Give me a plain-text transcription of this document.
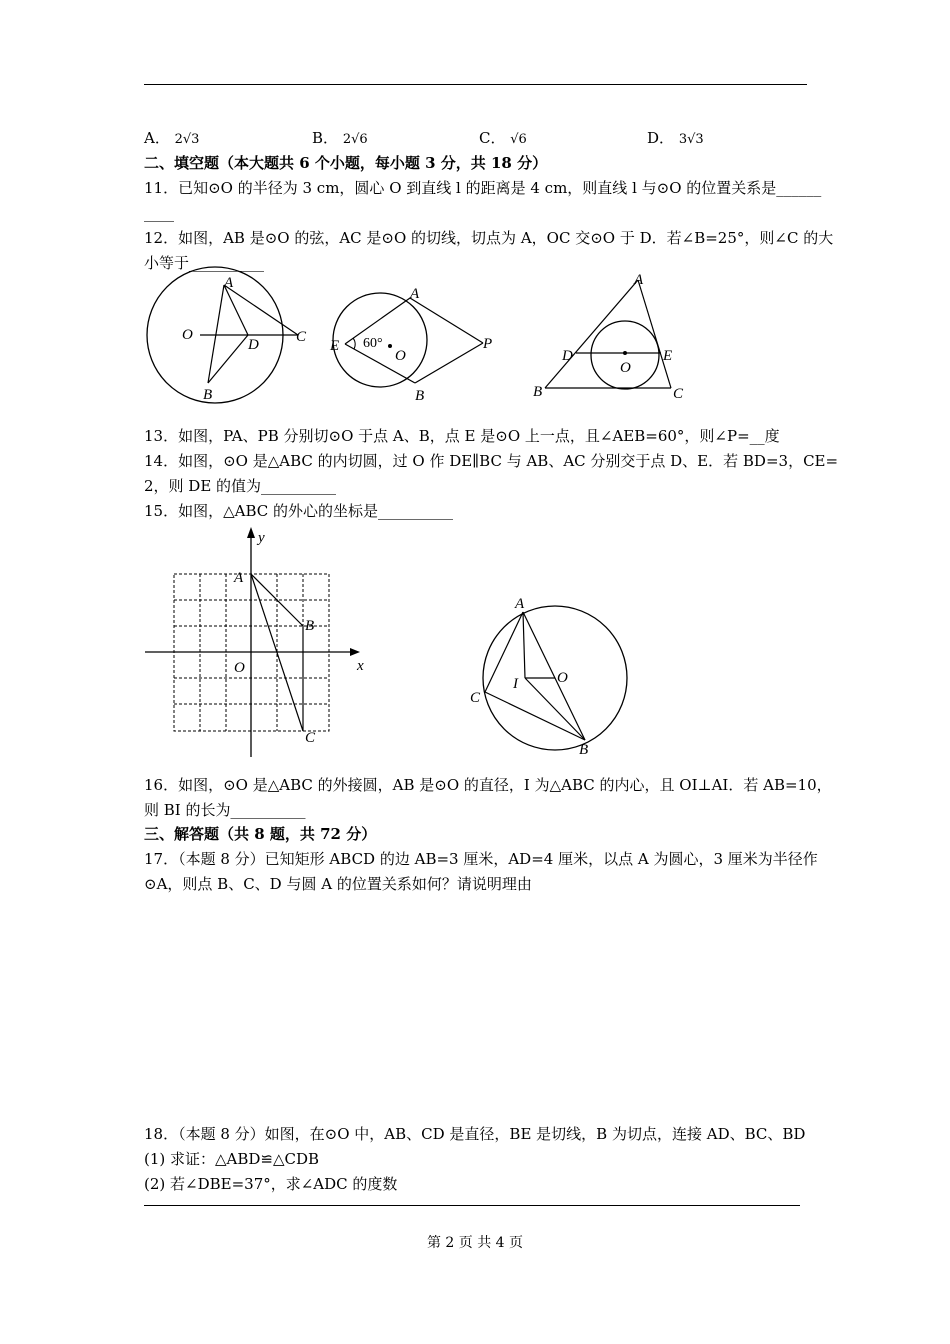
A． 2√3	B． 2√6	C． √6	D． 3√3
二、填空题（本大题共 6 个小题，每小题 3 分，共 18 分）
11．已知⊙O 的半径为 3 cm，圆心 O 到直线 l 的距离是 4 cm，则直线 l 与⊙O 的位置关系是______
____
12．如图，AB 是⊙O 的弦，AC 是⊙O 的切线，切点为 A，OC 交⊙O 于 D．若∠B=25°，则∠C 的大
小等于__________
A
O
D C
B
A
E 60°
O
P
B
A
D	E
O
B	C
13．如图，PA、PB 分别切⊙O 于点 A、B，点 E 是⊙O 上一点，且∠AEB=60°，则∠P=__度
14．如图，⊙O 是△ABC 的内切圆，过 O 作 DE∥BC 与 AB、AC 分别交于点 D、E．若 BD=3，CE=
2，则 DE 的值为__________
15．如图，△ABC 的外心的坐标是__________
y
x
A
B
O
C
A
I	O
C
B
16．如图，⊙O 是△ABC 的外接圆，AB 是⊙O 的直径，I 为△ABC 的内心，且 OI⊥AI．若 AB=10，
则 BI 的长为__________
三、解答题（共 8 题，共 72 分）
17．（本题 8 分）已知矩形 ABCD 的边 AB=3 厘米，AD=4 厘米，以点 A 为圆心，3 厘米为半径作
⊙A，则点 B、C、D 与圆 A 的位置关系如何？请说明理由
18．（本题 8 分）如图，在⊙O 中，AB、CD 是直径，BE 是切线，B 为切点，连接 AD、BC、BD
(1) 求证：△ABD≌△CDB
(2) 若∠DBE=37°，求∠ADC 的度数
第 2 页 共 4 页
